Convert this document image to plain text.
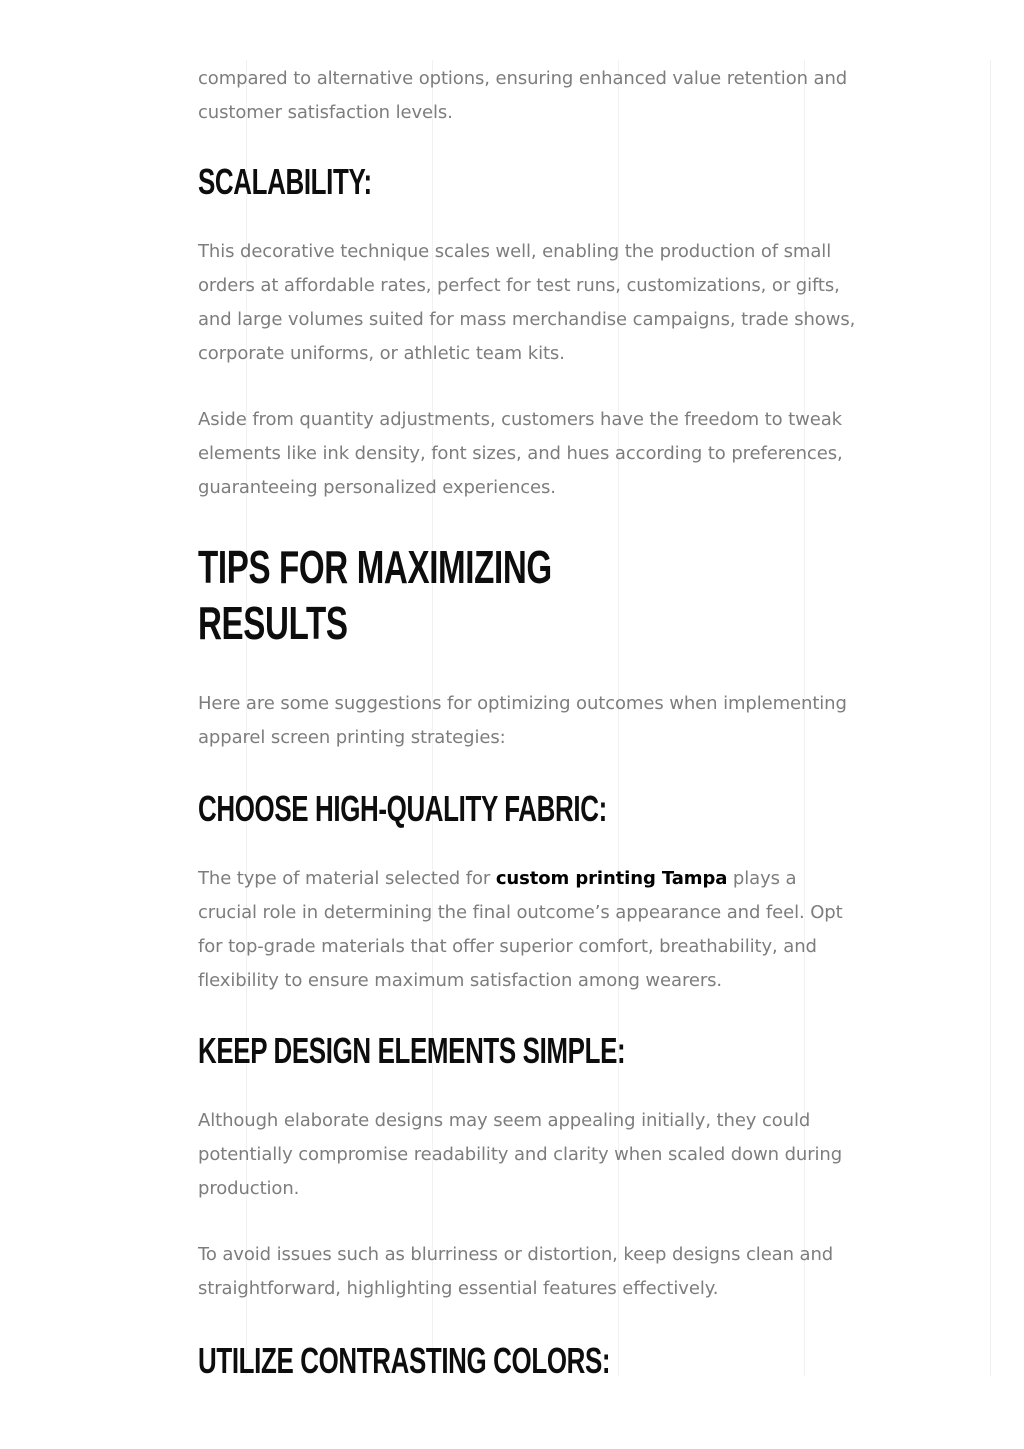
compared to alternative options, ensuring enhanced value retention and customer satisfaction levels.

SCALABILITY:

This decorative technique scales well, enabling the production of small orders at affordable rates, perfect for test runs, customizations, or gifts, and large volumes suited for mass merchandise campaigns, trade shows, corporate uniforms, or athletic team kits.

Aside from quantity adjustments, customers have the freedom to tweak elements like ink density, font sizes, and hues according to preferences, guaranteeing personalized experiences.

TIPS FOR MAXIMIZING RESULTS

Here are some suggestions for optimizing outcomes when implementing apparel screen printing strategies:

CHOOSE HIGH-QUALITY FABRIC:

The type of material selected for custom printing Tampa plays a crucial role in determining the final outcome’s appearance and feel. Opt for top-grade materials that offer superior comfort, breathability, and flexibility to ensure maximum satisfaction among wearers.

KEEP DESIGN ELEMENTS SIMPLE:

Although elaborate designs may seem appealing initially, they could potentially compromise readability and clarity when scaled down during production.

To avoid issues such as blurriness or distortion, keep designs clean and straightforward, highlighting essential features effectively.

UTILIZE CONTRASTING COLORS:
